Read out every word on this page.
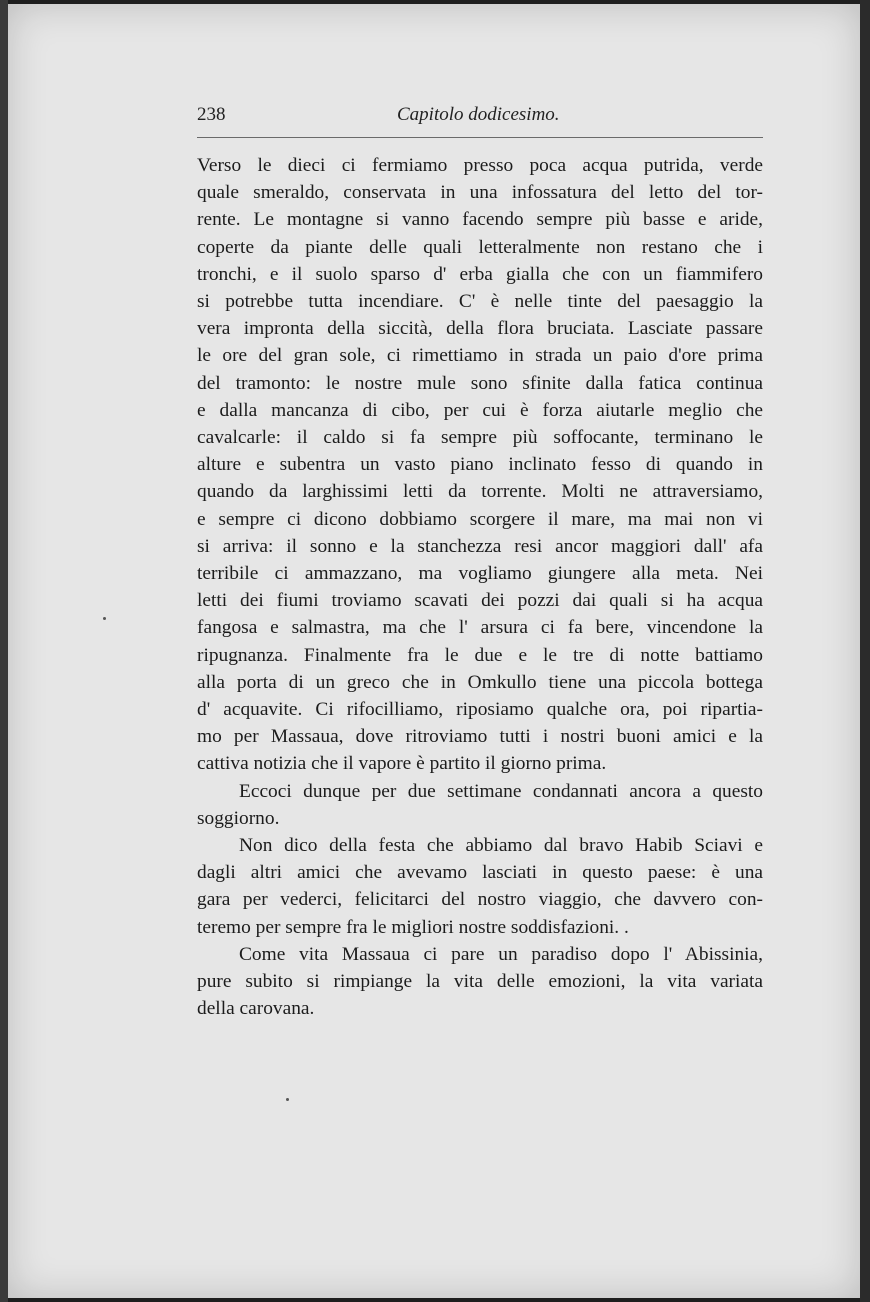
238	Capitolo dodicesimo.

Verso le dieci ci fermiamo presso poca acqua putrida, verde
quale smeraldo, conservata in una infossatura del letto del tor-
rente. Le montagne si vanno facendo sempre più basse e aride,
coperte da piante delle quali letteralmente non restano che i
tronchi, e il suolo sparso d' erba gialla che con un fiammifero
si potrebbe tutta incendiare. C' è nelle tinte del paesaggio la
vera impronta della siccità, della flora bruciata. Lasciate passare
le ore del gran sole, ci rimettiamo in strada un paio d'ore prima
del tramonto: le nostre mule sono sfinite dalla fatica continua
e dalla mancanza di cibo, per cui è forza aiutarle meglio che
cavalcarle: il caldo si fa sempre più soffocante, terminano le
alture e subentra un vasto piano inclinato fesso di quando in
quando da larghissimi letti da torrente. Molti ne attraversiamo,
e sempre ci dicono dobbiamo scorgere il mare, ma mai non vi
si arriva: il sonno e la stanchezza resi ancor maggiori dall' afa
terribile ci ammazzano, ma vogliamo giungere alla meta. Nei
letti dei fiumi troviamo scavati dei pozzi dai quali si ha acqua
fangosa e salmastra, ma che l' arsura ci fa bere, vincendone la
ripugnanza. Finalmente fra le due e le tre di notte battiamo
alla porta di un greco che in Omkullo tiene una piccola bottega
d' acquavite. Ci rifocilliamo, riposiamo qualche ora, poi ripartia-
mo per Massaua, dove ritroviamo tutti i nostri buoni amici e la
cattiva notizia che il vapore è partito il giorno prima.

Eccoci dunque per due settimane condannati ancora a questo
soggiorno.

Non dico della festa che abbiamo dal bravo Habib Sciavi e
dagli altri amici che avevamo lasciati in questo paese: è una
gara per vederci, felicitarci del nostro viaggio, che davvero con-
teremo per sempre fra le migliori nostre soddisfazioni. .

Come vita Massaua ci pare un paradiso dopo l' Abissinia,
pure subito si rimpiange la vita delle emozioni, la vita variata
della carovana.
